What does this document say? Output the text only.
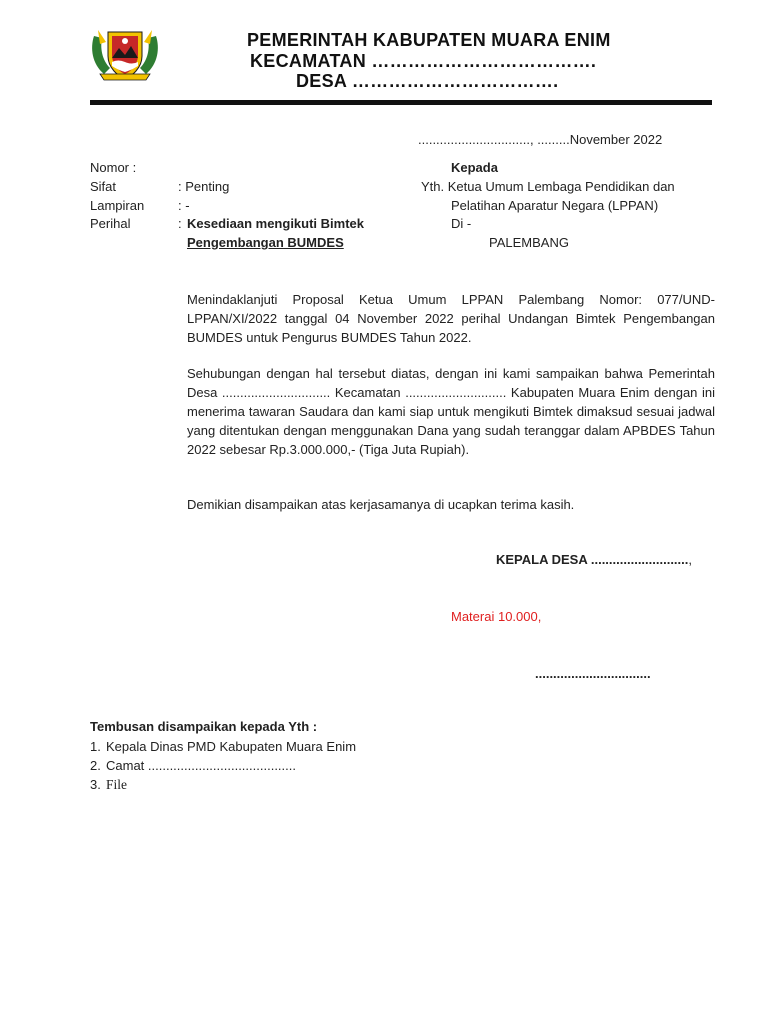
PEMERINTAH KABUPATEN MUARA ENIM
KECAMATAN ……………………………….
DESA …………………………….
..............................., .........November 2022
Nomor :
Sifat	: Penting
Lampiran	: -
Perihal	: Kesediaan mengikuti Bimtek
Pengembangan BUMDES
Kepada
Yth. Ketua Umum Lembaga Pendidikan dan
Pelatihan Aparatur Negara (LPPAN)
Di -
PALEMBANG
Menindaklanjuti Proposal Ketua Umum LPPAN Palembang Nomor: 077/UND-LPPAN/XI/2022 tanggal 04 November 2022 perihal Undangan Bimtek Pengembangan BUMDES untuk Pengurus BUMDES Tahun 2022.
Sehubungan dengan hal tersebut diatas, dengan ini kami sampaikan bahwa Pemerintah Desa .............................. Kecamatan ............................ Kabupaten Muara Enim dengan ini menerima tawaran Saudara dan kami siap untuk mengikuti Bimtek dimaksud sesuai jadwal yang ditentukan dengan menggunakan Dana yang sudah teranggar dalam APBDES Tahun 2022 sebesar Rp.3.000.000,- (Tiga Juta Rupiah).
Demikian disampaikan atas kerjasamanya di ucapkan terima kasih.
KEPALA DESA ...........................,
Materai 10.000,
................................
Tembusan disampaikan kepada Yth :
1. Kepala Dinas PMD Kabupaten Muara Enim
2. Camat .........................................
3. File
